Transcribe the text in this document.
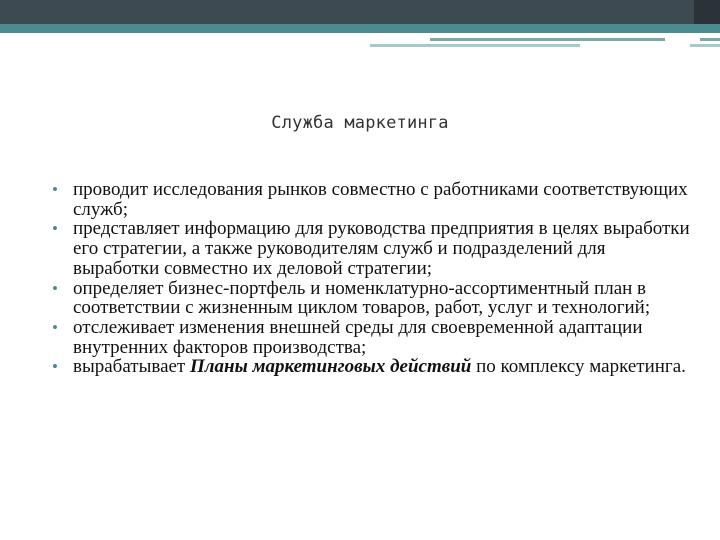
Служба маркетинга
• проводит исследования рынков совместно с работниками соответствующих служб;
• представляет информацию для руководства предприятия в целях выработки его стратегии, а также руководителям служб и подразделений для выработки совместно их деловой стратегии;
• определяет бизнес-портфель и номенклатурно-ассортиментный план в соответствии с жизненным циклом товаров, работ, услуг и технологий;
• отслеживает изменения внешней среды для своевременной адаптации внутренних факторов производства;
• вырабатывает Планы маркетинговых действий по комплексу маркетинга.
